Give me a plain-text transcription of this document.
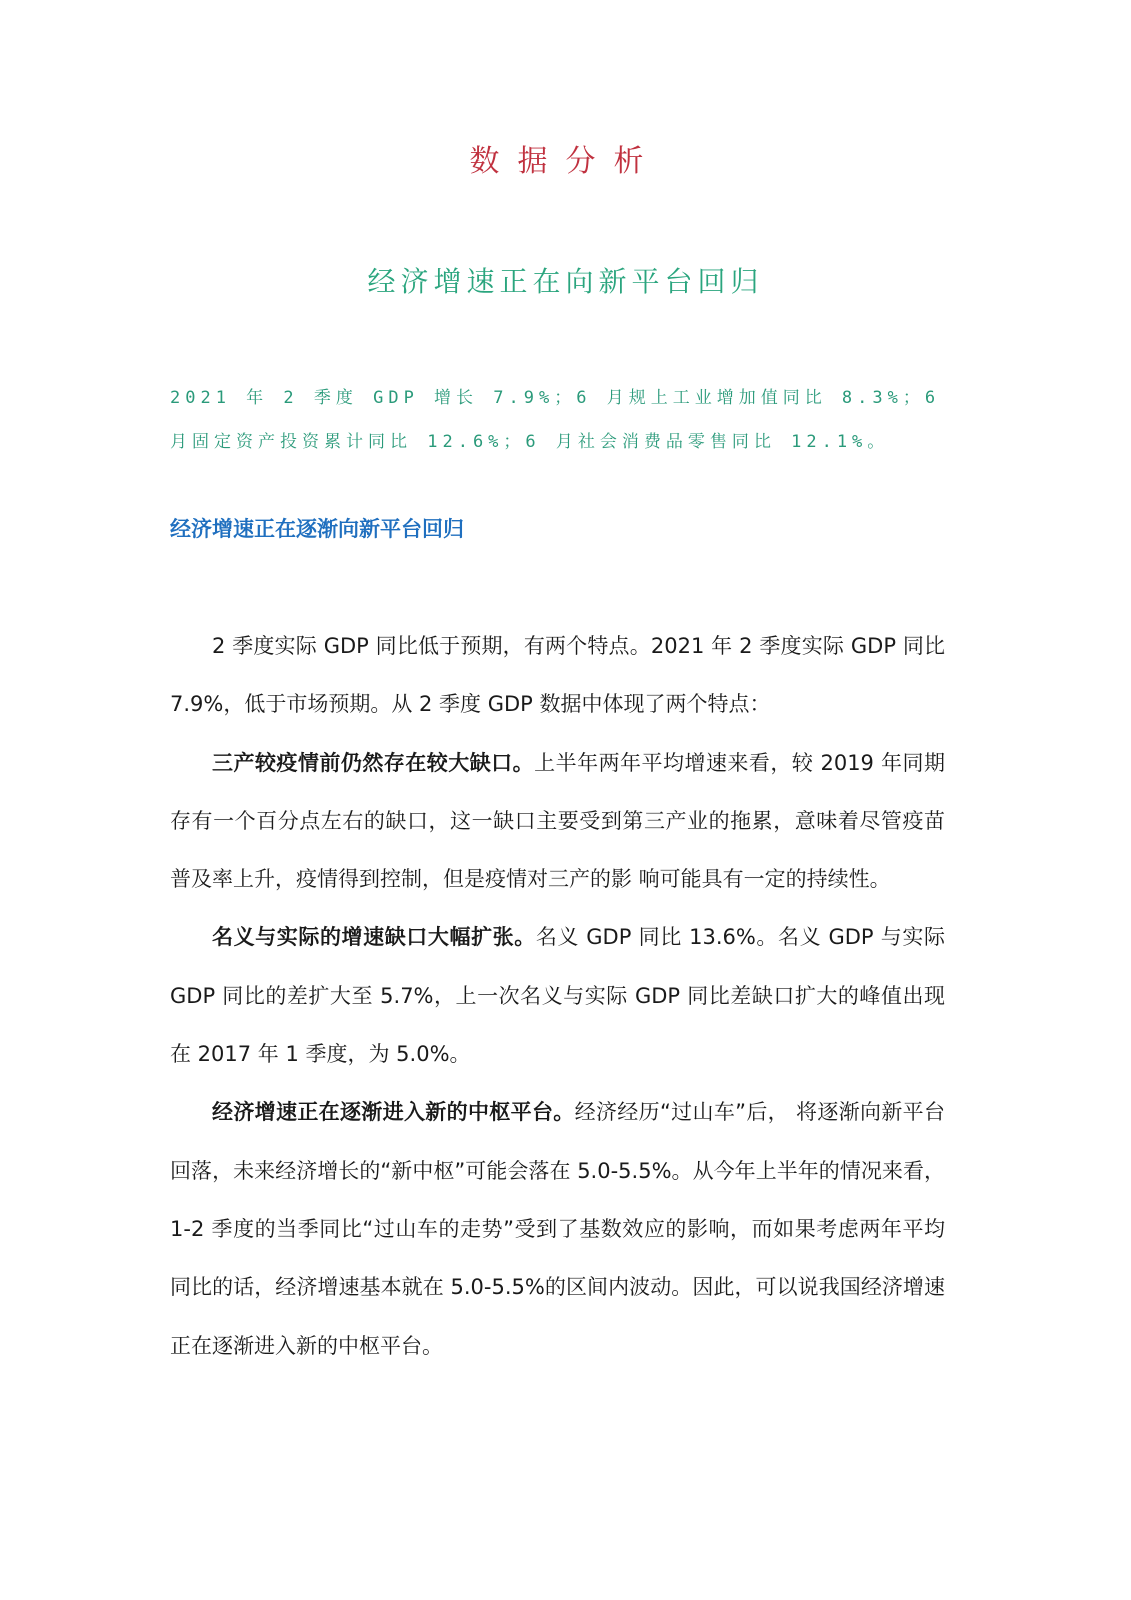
数据分析
经济增速正在向新平台回归
2021 年 2 季度 GDP 增长 7.9%；6 月规上工业增加值同比 8.3%；6 月固定资产投资累计同比 12.6%；6 月社会消费品零售同比 12.1%。
经济增速正在逐渐向新平台回归

2 季度实际 GDP 同比低于预期，有两个特点。2021 年 2 季度实际 GDP 同比 7.9%，低于市场预期。从 2 季度 GDP 数据中体现了两个特点：

三产较疫情前仍然存在较大缺口。上半年两年平均增速来看，较 2019 年同期存有一个百分点左右的缺口，这一缺口主要受到第三产业的拖累，意味着尽管疫苗普及率上升，疫情得到控制，但是疫情对三产的影 响可能具有一定的持续性。

名义与实际的增速缺口大幅扩张。名义 GDP 同比 13.6%。名义 GDP 与实际 GDP 同比的差扩大至 5.7%，上一次名义与实际 GDP 同比差缺口扩大的峰值出现在 2017 年 1 季度，为 5.0%。

经济增速正在逐渐进入新的中枢平台。经济经历“过山车”后， 将逐渐向新平台回落，未来经济增长的“新中枢”可能会落在 5.0-5.5%。从今年上半年的情况来看，1-2 季度的当季同比“过山车的走势”受到了基数效应的影响，而如果考虑两年平均同比的话，经济增速基本就在 5.0-5.5%的区间内波动。因此，可以说我国经济增速正在逐渐进入新的中枢平台。
